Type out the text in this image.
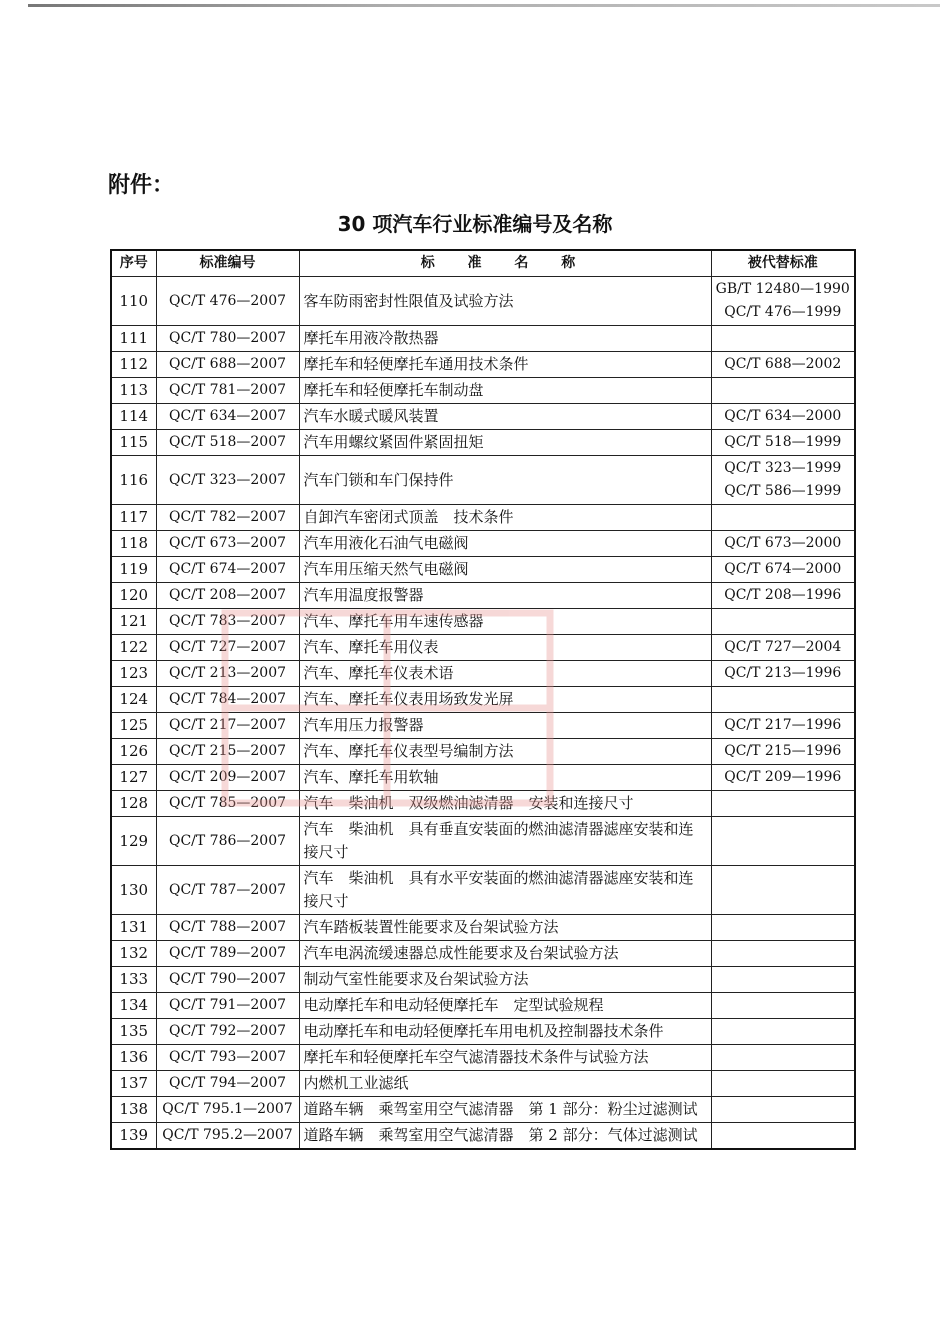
附件：
30 项汽车行业标准编号及名称
序号	标准编号	标 准 名 称	被代替标准
110	QC/T 476—2007	客车防雨密封性限值及试验方法	GB/T 12480—1990
QC/T 476—1999

111	QC/T 780—2007	摩托车用液冷散热器	
112	QC/T 688—2007	摩托车和轻便摩托车通用技术条件	QC/T 688—2002

113	QC/T 781—2007	摩托车和轻便摩托车制动盘	
114	QC/T 634—2007	汽车水暖式暖风装置	QC/T 634—2000

115	QC/T 518—2007	汽车用螺纹紧固件紧固扭矩	QC/T 518—1999

116	QC/T 323—2007	汽车门锁和车门保持件	QC/T 323—1999
QC/T 586—1999

117	QC/T 782—2007	自卸汽车密闭式顶盖　技术条件	
118	QC/T 673—2007	汽车用液化石油气电磁阀	QC/T 673—2000

119	QC/T 674—2007	汽车用压缩天然气电磁阀	QC/T 674—2000

120	QC/T 208—2007	汽车用温度报警器	QC/T 208—1996

121	QC/T 783—2007	汽车、摩托车用车速传感器	
122	QC/T 727—2007	汽车、摩托车用仪表	QC/T 727—2004

123	QC/T 213—2007	汽车、摩托车仪表术语	QC/T 213—1996

124	QC/T 784—2007	汽车、摩托车仪表用场致发光屏	
125	QC/T 217—2007	汽车用压力报警器	QC/T 217—1996

126	QC/T 215—2007	汽车、摩托车仪表型号编制方法	QC/T 215—1996

127	QC/T 209—2007	汽车、摩托车用软轴	QC/T 209—1996

128	QC/T 785—2007	汽车　柴油机　双级燃油滤清器　安装和连接尺寸	
129	QC/T 786—2007	汽车　柴油机　具有垂直安装面的燃油滤清器滤座安装和连接尺寸	
130	QC/T 787—2007	汽车　柴油机　具有水平安装面的燃油滤清器滤座安装和连接尺寸	
131	QC/T 788—2007	汽车踏板装置性能要求及台架试验方法	
132	QC/T 789—2007	汽车电涡流缓速器总成性能要求及台架试验方法	
133	QC/T 790—2007	制动气室性能要求及台架试验方法	
134	QC/T 791—2007	电动摩托车和电动轻便摩托车　定型试验规程	
135	QC/T 792—2007	电动摩托车和电动轻便摩托车用电机及控制器技术条件	
136	QC/T 793—2007	摩托车和轻便摩托车空气滤清器技术条件与试验方法	
137	QC/T 794—2007	内燃机工业滤纸	
138	QC/T 795.1—2007	道路车辆　乘驾室用空气滤清器　第 1 部分：粉尘过滤测试	
139	QC/T 795.2—2007	道路车辆　乘驾室用空气滤清器　第 2 部分：气体过滤测试	
